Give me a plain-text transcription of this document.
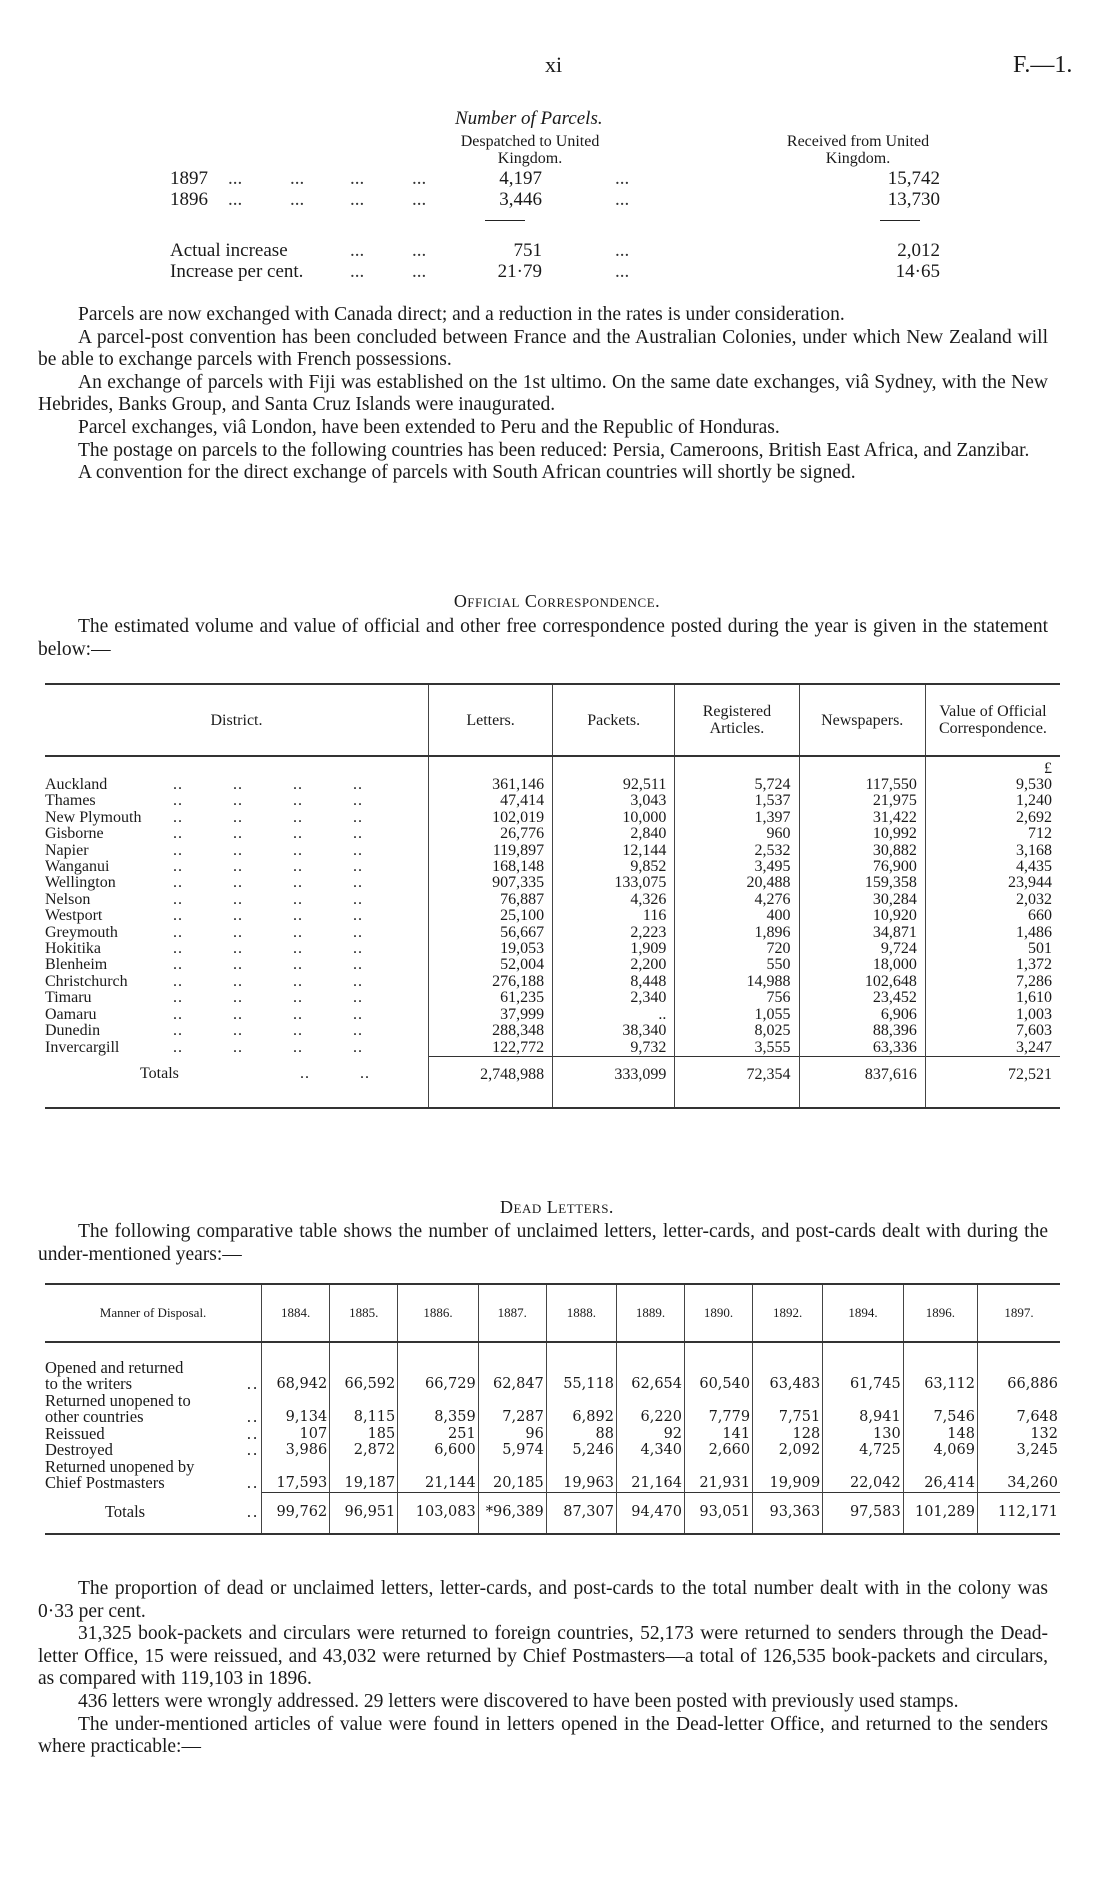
xi	F.—1.
Number of Parcels.
Despatched to United Kingdom.
Received from United Kingdom.
1897 ...	... ...	...	4,197	...	15,742
1896 ...	... ...	...	3,446	...	13,730
Actual increase	...	...	751	...	2,012
Increase per cent. ...	...	21·79	...	14·65

Parcels are now exchanged with Canada direct; and a reduction in the rates is under consideration.

A parcel-post convention has been concluded between France and the Australian Colonies, under which New Zealand will be able to exchange parcels with French possessions.

An exchange of parcels with Fiji was established on the 1st ultimo. On the same date exchanges, viâ Sydney, with the New Hebrides, Banks Group, and Santa Cruz Islands were inaugurated.

Parcel exchanges, viâ London, have been extended to Peru and the Republic of Honduras.

The postage on parcels to the following countries has been reduced: Persia, Cameroons, British East Africa, and Zanzibar.

A convention for the direct exchange of parcels with South African countries will shortly be signed.

Official Correspondence.

The estimated volume and value of official and other free correspondence posted during the year is given in the statement below:—

District.	Letters.	Packets.	Registered Articles.	Newspapers.	Value of Official Correspondence.
					£
Auckland .. .. .. ..	361,146	92,511	5,724	117,550	9,530
Thames .. .. .. ..	47,414	3,043	1,537	21,975	1,240
New Plymouth .. .. .. ..	102,019	10,000	1,397	31,422	2,692
Gisborne .. .. .. ..	26,776	2,840	960	10,992	712
Napier .. .. .. ..	119,897	12,144	2,532	30,882	3,168
Wanganui .. .. .. ..	168,148	9,852	3,495	76,900	4,435
Wellington .. .. .. ..	907,335	133,075	20,488	159,358	23,944
Nelson .. .. .. ..	76,887	4,326	4,276	30,284	2,032
Westport .. .. .. ..	25,100	116	400	10,920	660
Greymouth .. .. .. ..	56,667	2,223	1,896	34,871	1,486
Hokitika .. .. .. ..	19,053	1,909	720	9,724	501
Blenheim .. .. .. ..	52,004	2,200	550	18,000	1,372
Christchurch .. .. .. ..	276,188	8,448	14,988	102,648	7,286
Timaru .. .. .. ..	61,235	2,340	756	23,452	1,610
Oamaru .. .. .. ..	37,999	..	1,055	6,906	1,003
Dunedin .. .. .. ..	288,348	38,340	8,025	88,396	7,603
Invercargill .. .. .. ..	122,772	9,732	3,555	63,336	3,247
Totals .. ..	2,748,988	333,099	72,354	837,616	72,521

Dead Letters.

The following comparative table shows the number of unclaimed letters, letter-cards, and post-cards dealt with during the under-mentioned years:—

Manner of Disposal.	1884.	1885.	1886.	1887.	1888.	1889.	1890.	1892.	1894.	1896.	1897.

Opened and returned											
to the writers ..	68,942	66,592	66,729	62,847	55,118	62,654	60,540	63,483	61,745	63,112	66,886
Returned unopened to											
other countries ..	9,134	8,115	8,359	7,287	6,892	6,220	7,779	7,751	8,941	7,546	7,648
Reissued ..	107	185	251	96	88	92	141	128	130	148	132
Destroyed ..	3,986	2,872	6,600	5,974	5,246	4,340	2,660	2,092	4,725	4,069	3,245
Returned unopened by											
Chief Postmasters ..	17,593	19,187	21,144	20,185	19,963	21,164	21,931	19,909	22,042	26,414	34,260
Totals ..	99,762	96,951	103,083	*96,389	87,307	94,470	93,051	93,363	97,583	101,289	112,171

The proportion of dead or unclaimed letters, letter-cards, and post-cards to the total number dealt with in the colony was 0·33 per cent.

31,325 book-packets and circulars were returned to foreign countries, 52,173 were returned to senders through the Dead-letter Office, 15 were reissued, and 43,032 were returned by Chief Postmasters—a total of 126,535 book-packets and circulars, as compared with 119,103 in 1896.

436 letters were wrongly addressed. 29 letters were discovered to have been posted with previously used stamps.

The under-mentioned articles of value were found in letters opened in the Dead-letter Office, and returned to the senders where practicable:—
